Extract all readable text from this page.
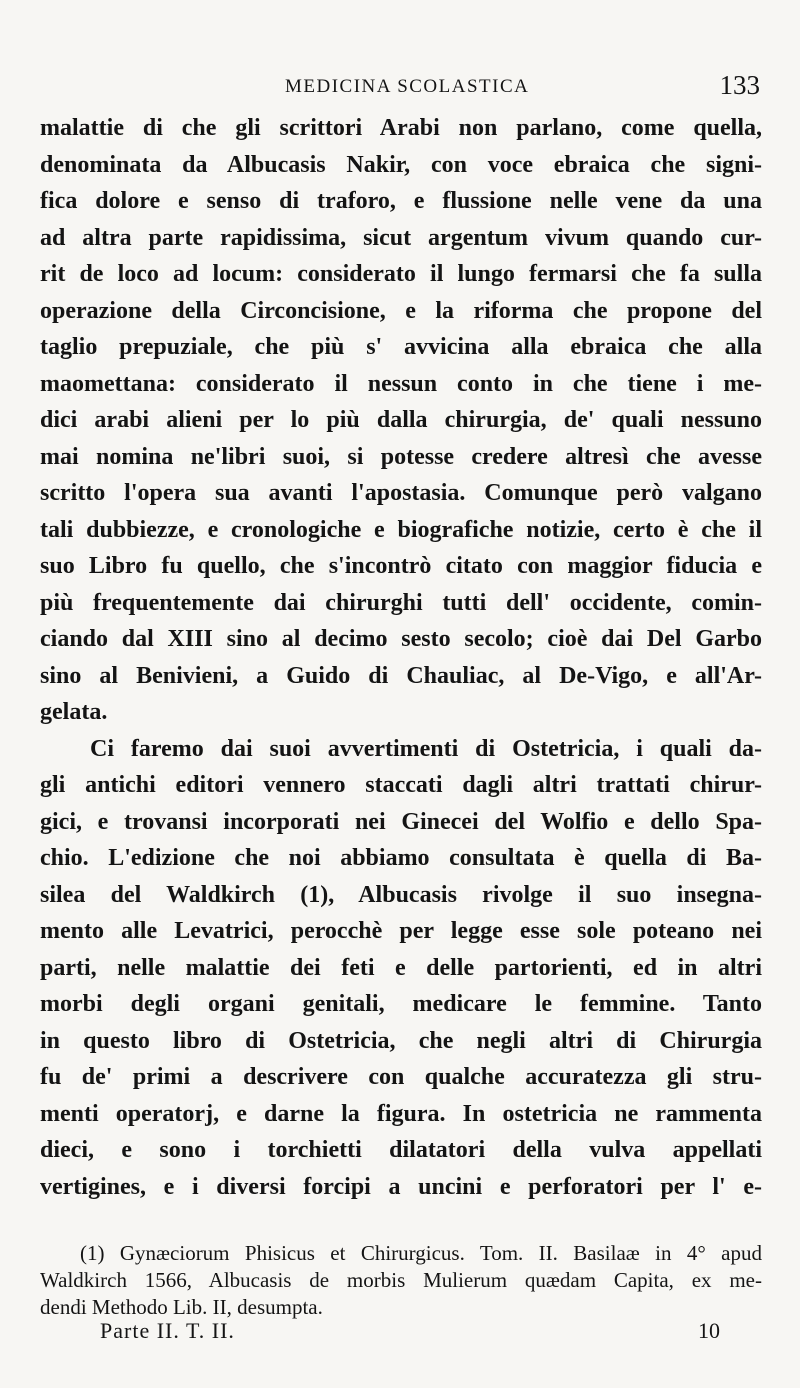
MEDICINA SCOLASTICA	133
malattie di che gli scrittori Arabi non parlano, come quella,
denominata da Albucasis Nakir, con voce ebraica che signi-
fica dolore e senso di traforo, e flussione nelle vene da una
ad altra parte rapidissima, sicut argentum vivum quando cur-
rit de loco ad locum: considerato il lungo fermarsi che fa sulla
operazione della Circoncisione, e la riforma che propone del
taglio prepuziale, che più s' avvicina alla ebraica che alla
maomettana: considerato il nessun conto in che tiene i me-
dici arabi alieni per lo più dalla chirurgia, de' quali nessuno
mai nomina ne'libri suoi, si potesse credere altresì che avesse
scritto l'opera sua avanti l'apostasia. Comunque però valgano
tali dubbiezze, e cronologiche e biografiche notizie, certo è che il
suo Libro fu quello, che s'incontrò citato con maggior fiducia e
più frequentemente dai chirurghi tutti dell' occidente, comin-
ciando dal XIII sino al decimo sesto secolo; cioè dai Del Garbo
sino al Benivieni, a Guido di Chauliac, al De-Vigo, e all'Ar-
gelata.
Ci faremo dai suoi avvertimenti di Ostetricia, i quali da-
gli antichi editori vennero staccati dagli altri trattati chirur-
gici, e trovansi incorporati nei Ginecei del Wolfio e dello Spa-
chio. L'edizione che noi abbiamo consultata è quella di Ba-
silea del Waldkirch (1), Albucasis rivolge il suo insegna-
mento alle Levatrici, perocchè per legge esse sole poteano nei
parti, nelle malattie dei feti e delle partorienti, ed in altri
morbi degli organi genitali, medicare le femmine. Tanto
in questo libro di Ostetricia, che negli altri di Chirurgia
fu de' primi a descrivere con qualche accuratezza gli stru-
menti operatorj, e darne la figura. In ostetricia ne rammenta
dieci, e sono i torchietti dilatatori della vulva appellati
vertigines, e i diversi forcipi a uncini e perforatori per l' e-
(1) Gynæciorum Phisicus et Chirurgicus. Tom. II. Basilaæ in 4° apud
Waldkirch 1566, Albucasis de morbis Mulierum quædam Capita, ex me-
dendi Methodo Lib. II, desumpta.
Parte II. T. II.	10
